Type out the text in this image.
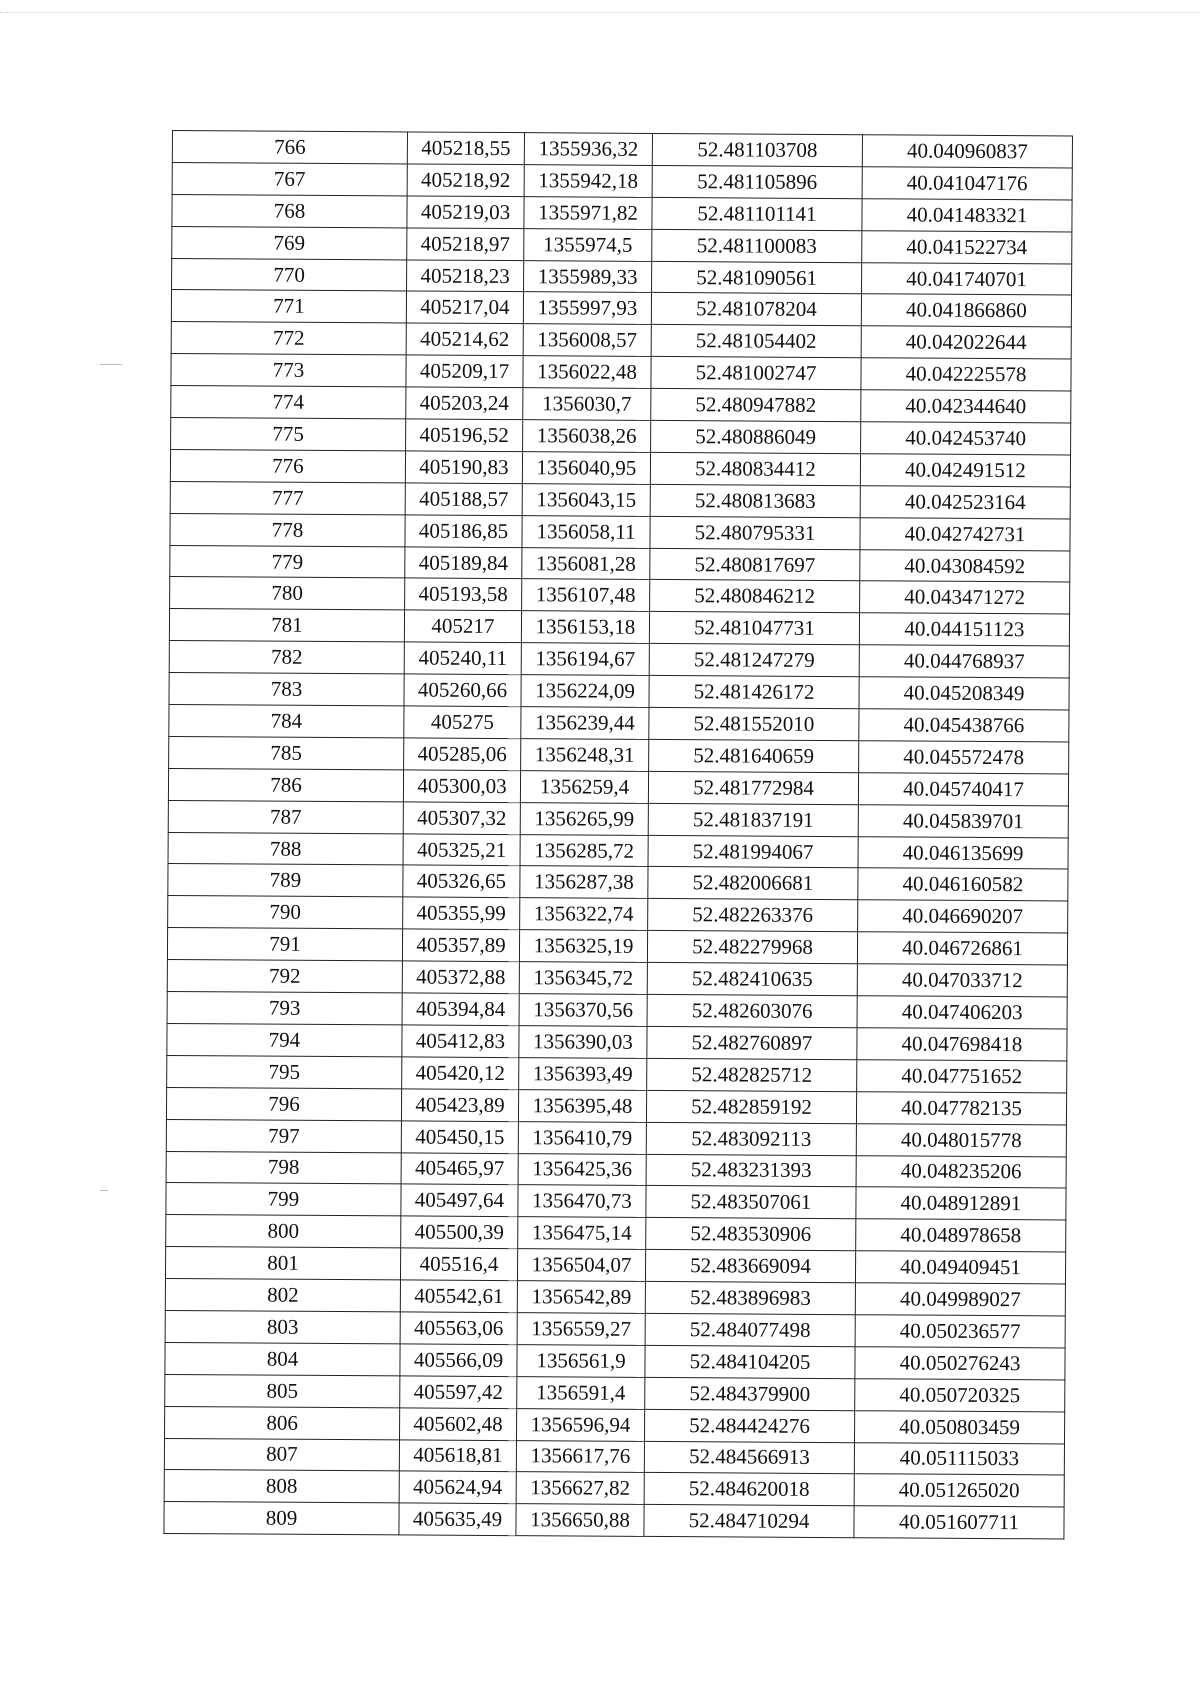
766	405218,55	1355936,32	52.481103708	40.040960837
767	405218,92	1355942,18	52.481105896	40.041047176
768	405219,03	1355971,82	52.481101141	40.041483321
769	405218,97	1355974,5	52.481100083	40.041522734
770	405218,23	1355989,33	52.481090561	40.041740701
771	405217,04	1355997,93	52.481078204	40.041866860
772	405214,62	1356008,57	52.481054402	40.042022644
773	405209,17	1356022,48	52.481002747	40.042225578
774	405203,24	1356030,7	52.480947882	40.042344640
775	405196,52	1356038,26	52.480886049	40.042453740
776	405190,83	1356040,95	52.480834412	40.042491512
777	405188,57	1356043,15	52.480813683	40.042523164
778	405186,85	1356058,11	52.480795331	40.042742731
779	405189,84	1356081,28	52.480817697	40.043084592
780	405193,58	1356107,48	52.480846212	40.043471272
781	405217	1356153,18	52.481047731	40.044151123
782	405240,11	1356194,67	52.481247279	40.044768937
783	405260,66	1356224,09	52.481426172	40.045208349
784	405275	1356239,44	52.481552010	40.045438766
785	405285,06	1356248,31	52.481640659	40.045572478
786	405300,03	1356259,4	52.481772984	40.045740417
787	405307,32	1356265,99	52.481837191	40.045839701
788	405325,21	1356285,72	52.481994067	40.046135699
789	405326,65	1356287,38	52.482006681	40.046160582
790	405355,99	1356322,74	52.482263376	40.046690207
791	405357,89	1356325,19	52.482279968	40.046726861
792	405372,88	1356345,72	52.482410635	40.047033712
793	405394,84	1356370,56	52.482603076	40.047406203
794	405412,83	1356390,03	52.482760897	40.047698418
795	405420,12	1356393,49	52.482825712	40.047751652
796	405423,89	1356395,48	52.482859192	40.047782135
797	405450,15	1356410,79	52.483092113	40.048015778
798	405465,97	1356425,36	52.483231393	40.048235206
799	405497,64	1356470,73	52.483507061	40.048912891
800	405500,39	1356475,14	52.483530906	40.048978658
801	405516,4	1356504,07	52.483669094	40.049409451
802	405542,61	1356542,89	52.483896983	40.049989027
803	405563,06	1356559,27	52.484077498	40.050236577
804	405566,09	1356561,9	52.484104205	40.050276243
805	405597,42	1356591,4	52.484379900	40.050720325
806	405602,48	1356596,94	52.484424276	40.050803459
807	405618,81	1356617,76	52.484566913	40.051115033
808	405624,94	1356627,82	52.484620018	40.051265020
809	405635,49	1356650,88	52.484710294	40.051607711
